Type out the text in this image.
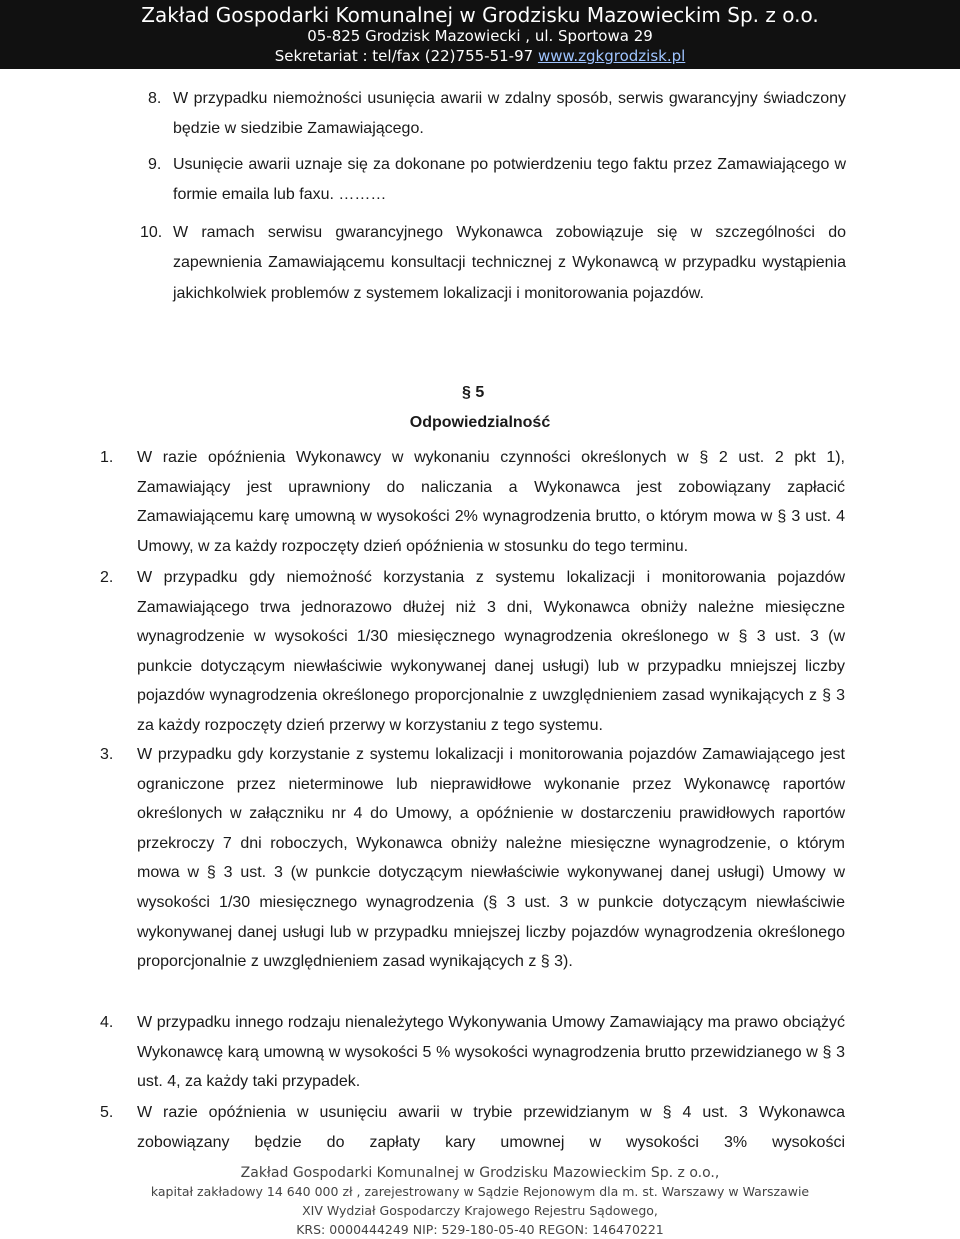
Zakład Gospodarki Komunalnej w Grodzisku Mazowieckim Sp. z o.o.
05-825 Grodzisk Mazowiecki , ul. Sportowa 29
Sekretariat : tel/fax (22)755-51-97 www.zgkgrodzisk.pl
8. W przypadku niemożności usunięcia awarii w zdalny sposób, serwis gwarancyjny świadczony będzie w siedzibie Zamawiającego.
9. Usunięcie awarii uznaje się za dokonane po potwierdzeniu tego faktu przez Zamawiającego w formie emaila lub faxu. ………
10. W ramach serwisu gwarancyjnego Wykonawca zobowiązuje się w szczególności do zapewnienia Zamawiającemu konsultacji technicznej z Wykonawcą w przypadku wystąpienia jakichkolwiek problemów z systemem lokalizacji i monitorowania pojazdów.
§ 5
Odpowiedzialność
1. W razie opóźnienia Wykonawcy w wykonaniu czynności określonych w § 2 ust. 2 pkt 1), Zamawiający jest uprawniony do naliczania a Wykonawca jest zobowiązany zapłacić Zamawiającemu karę umowną w wysokości 2% wynagrodzenia brutto, o którym mowa w § 3 ust. 4 Umowy, w za każdy rozpoczęty dzień opóźnienia w stosunku do tego terminu.
2. W przypadku gdy niemożność korzystania z systemu lokalizacji i monitorowania pojazdów Zamawiającego trwa jednorazowo dłużej niż 3 dni, Wykonawca obniży należne miesięczne wynagrodzenie w wysokości 1/30 miesięcznego wynagrodzenia określonego w § 3 ust. 3 (w punkcie dotyczącym niewłaściwie wykonywanej danej usługi) lub w przypadku mniejszej liczby pojazdów wynagrodzenia określonego proporcjonalnie z uwzględnieniem zasad wynikających z § 3 za każdy rozpoczęty dzień przerwy w korzystaniu z tego systemu.
3. W przypadku gdy korzystanie z systemu lokalizacji i monitorowania pojazdów Zamawiającego jest ograniczone przez nieterminowe lub nieprawidłowe wykonanie przez Wykonawcę raportów określonych w załączniku nr 4 do Umowy, a opóźnienie w dostarczeniu prawidłowych raportów przekroczy 7 dni roboczych, Wykonawca obniży należne miesięczne wynagrodzenie, o którym mowa w § 3 ust. 3 (w punkcie dotyczącym niewłaściwie wykonywanej danej usługi) Umowy w wysokości 1/30 miesięcznego wynagrodzenia (§ 3 ust. 3 w punkcie dotyczącym niewłaściwie wykonywanej danej usługi lub w przypadku mniejszej liczby pojazdów wynagrodzenia określonego proporcjonalnie z uwzględnieniem zasad wynikających z § 3).
4. W przypadku innego rodzaju nienależytego Wykonywania Umowy Zamawiający ma prawo obciążyć Wykonawcę karą umowną w wysokości 5 % wysokości wynagrodzenia brutto przewidzianego w § 3 ust. 4, za każdy taki przypadek.
5. W razie opóźnienia w usunięciu awarii w trybie przewidzianym w § 4 ust. 3 Wykonawca zobowiązany będzie do zapłaty kary umownej w wysokości 3% wysokości
Zakład Gospodarki Komunalnej w Grodzisku Mazowieckim Sp. z o.o.,
kapitał zakładowy 14 640 000 zł , zarejestrowany w Sądzie Rejonowym dla m. st. Warszawy w Warszawie
XIV Wydział Gospodarczy Krajowego Rejestru Sądowego,
KRS: 0000444249 NIP: 529-180-05-40 REGON: 146470221
